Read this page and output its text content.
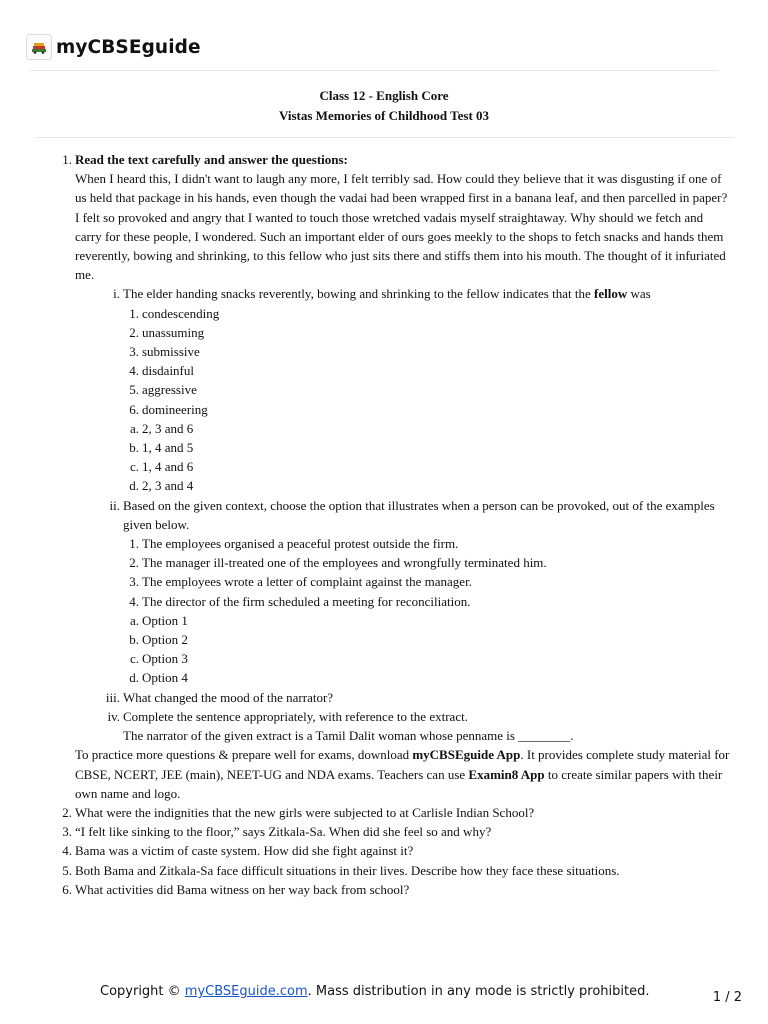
myCBSEguide
Class 12 - English Core
Vistas Memories of Childhood Test 03
1. Read the text carefully and answer the questions:
When I heard this, I didn't want to laugh any more, I felt terribly sad. How could they believe that it was disgusting if one of us held that package in his hands, even though the vadai had been wrapped first in a banana leaf, and then parcelled in paper? I felt so provoked and angry that I wanted to touch those wretched vadais myself straightaway. Why should we fetch and carry for these people, I wondered. Such an important elder of ours goes meekly to the shops to fetch snacks and hands them reverently, bowing and shrinking, to this fellow who just sits there and stiffs them into his mouth. The thought of it infuriated me.
i. The elder handing snacks reverently, bowing and shrinking to the fellow indicates that the fellow was
1. condescending
2. unassuming
3. submissive
4. disdainful
5. aggressive
6. domineering
a. 2, 3 and 6
b. 1, 4 and 5
c. 1, 4 and 6
d. 2, 3 and 4
ii. Based on the given context, choose the option that illustrates when a person can be provoked, out of the examples given below.
1. The employees organised a peaceful protest outside the firm.
2. The manager ill-treated one of the employees and wrongfully terminated him.
3. The employees wrote a letter of complaint against the manager.
4. The director of the firm scheduled a meeting for reconciliation.
a. Option 1
b. Option 2
c. Option 3
d. Option 4
iii. What changed the mood of the narrator?
iv. Complete the sentence appropriately, with reference to the extract.
The narrator of the given extract is a Tamil Dalit woman whose penname is ________.
To practice more questions & prepare well for exams, download myCBSEguide App. It provides complete study material for CBSE, NCERT, JEE (main), NEET-UG and NDA exams. Teachers can use Examin8 App to create similar papers with their own name and logo.
2. What were the indignities that the new girls were subjected to at Carlisle Indian School?
3. “I felt like sinking to the floor,” says Zitkala-Sa. When did she feel so and why?
4. Bama was a victim of caste system. How did she fight against it?
5. Both Bama and Zitkala-Sa face difficult situations in their lives. Describe how they face these situations.
6. What activities did Bama witness on her way back from school?
Copyright © myCBSEguide.com. Mass distribution in any mode is strictly prohibited.	1 / 2
